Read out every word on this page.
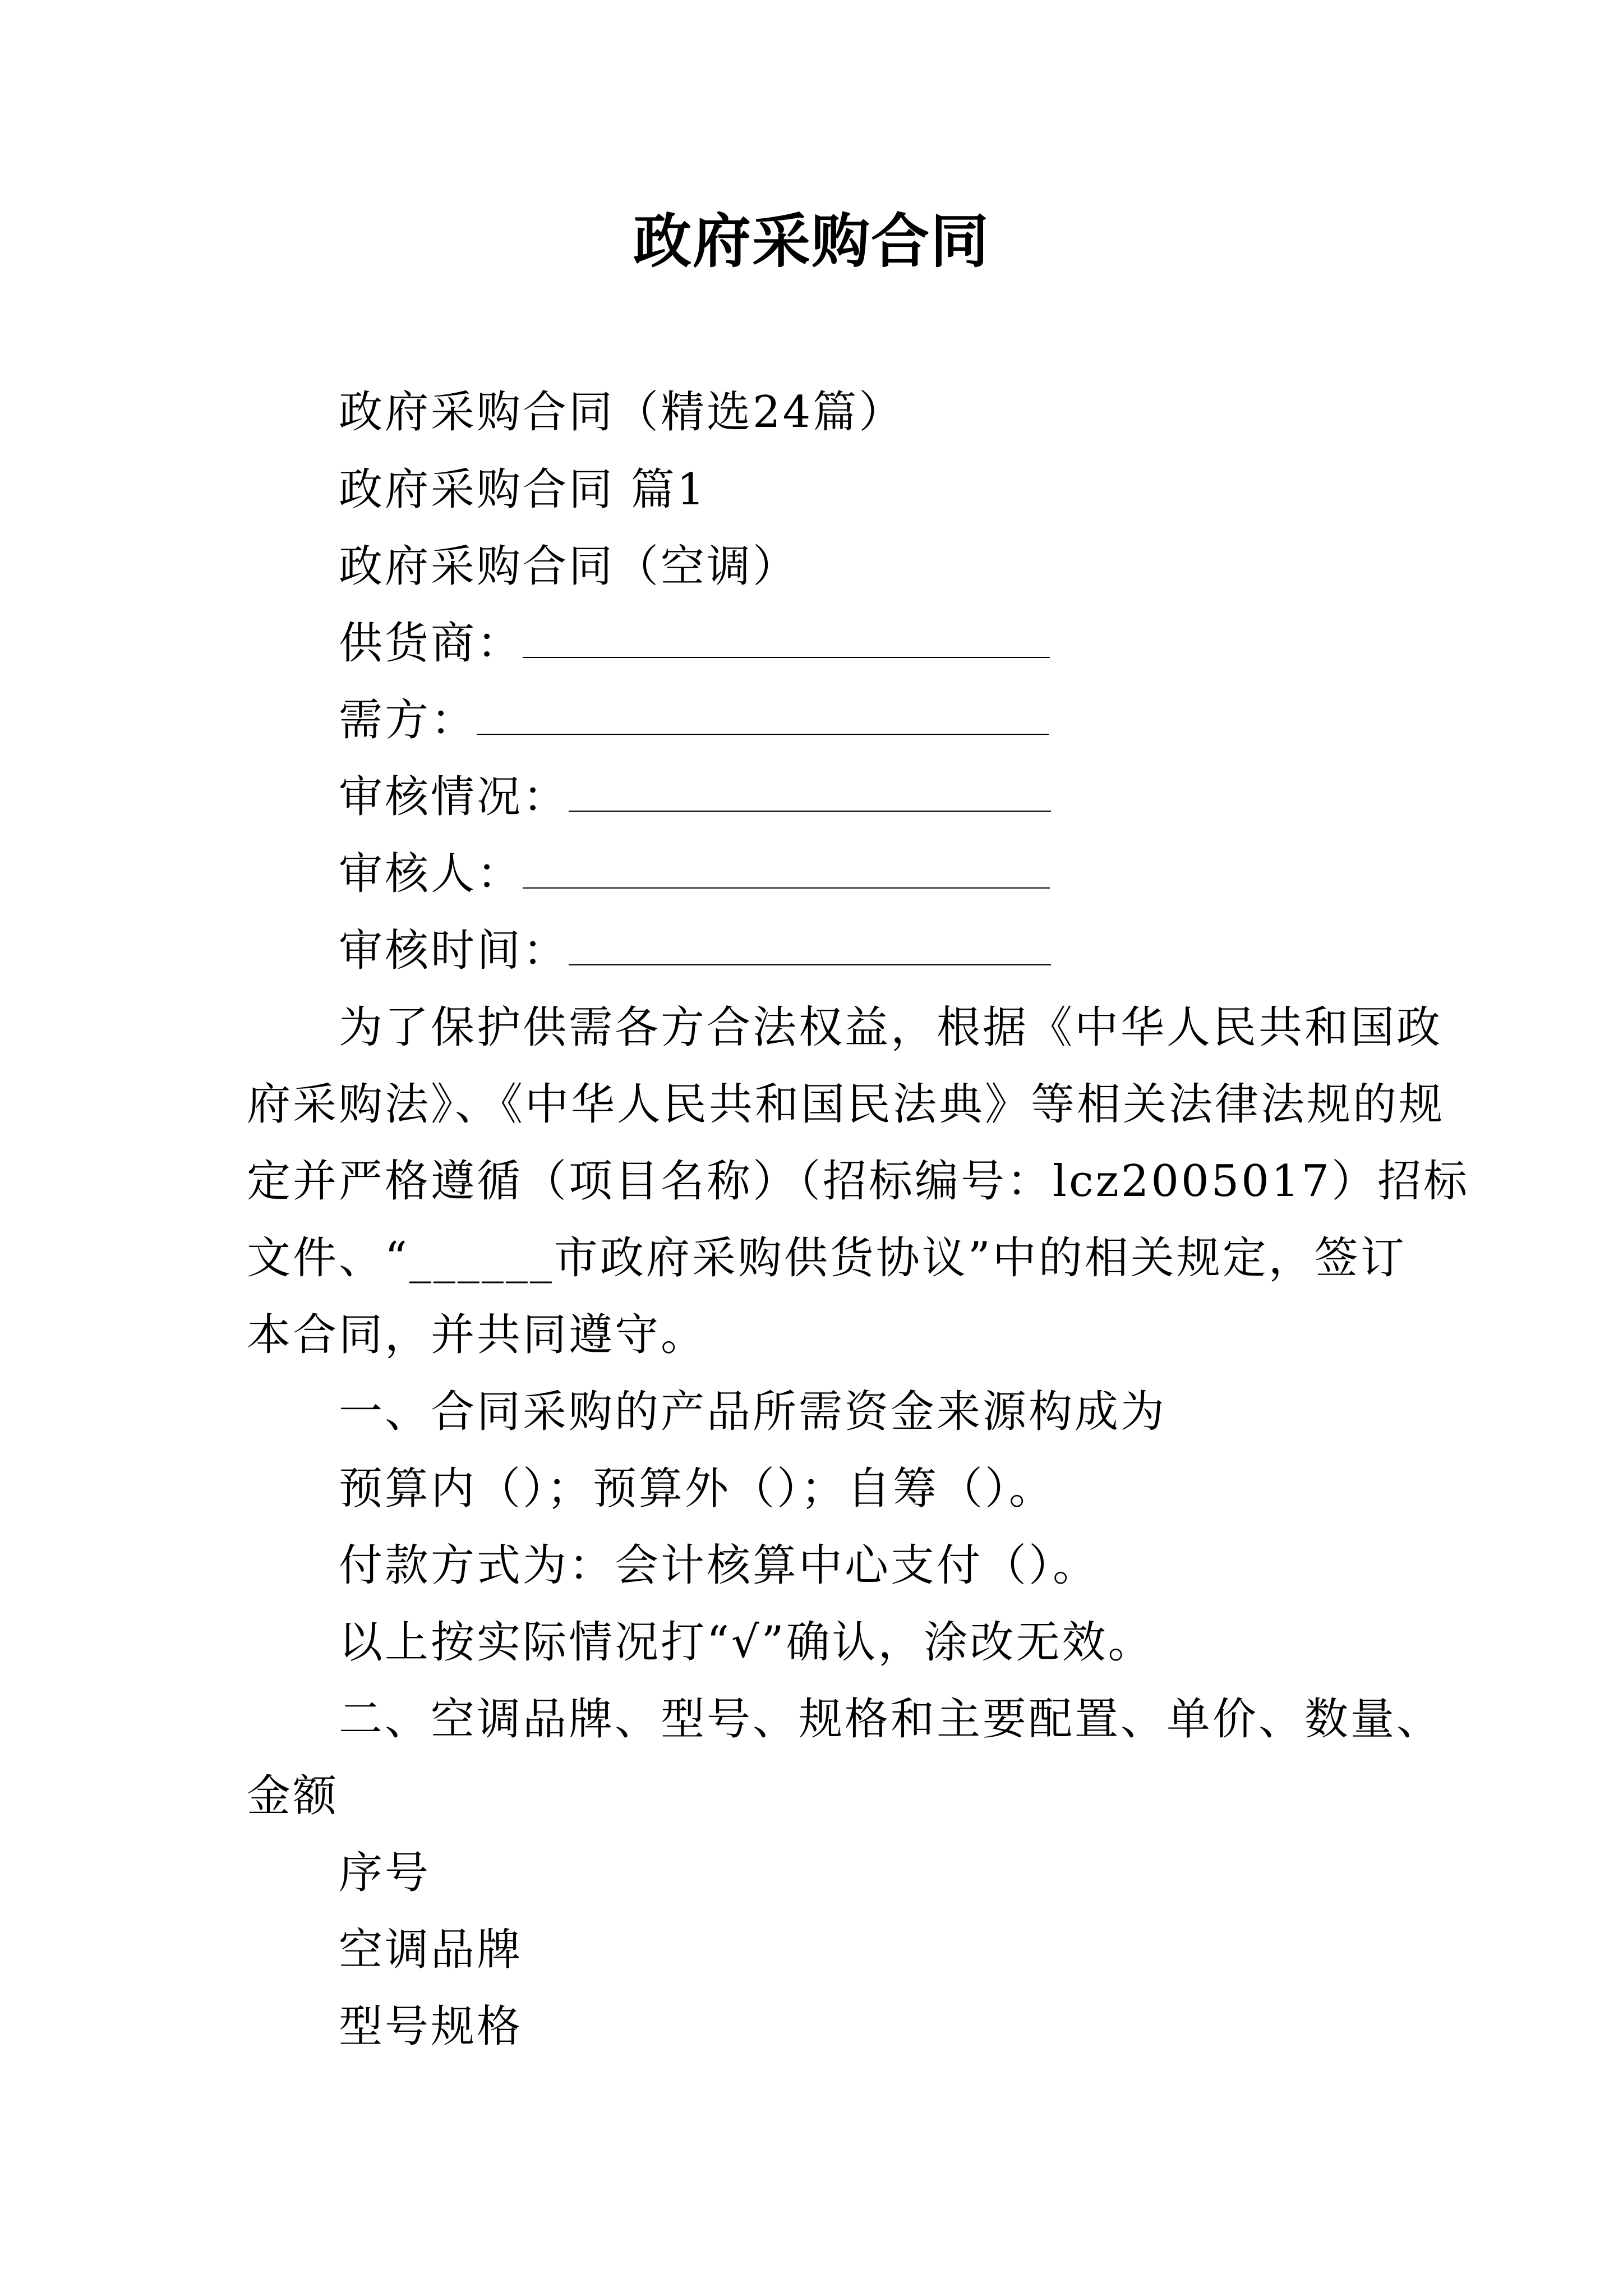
政府采购合同
政府采购合同（精选24篇）
政府采购合同 篇1
政府采购合同（空调）
供货商：
需方：
审核情况：
审核人：
审核时间：
为了保护供需各方合法权益，根据《中华人民共和国政
府采购法》、《中华人民共和国民法典》等相关法律法规的规
定并严格遵循（项目名称）（招标编号：lcz2005017）招标
文件、“______市政府采购供货协议”中的相关规定，签订
本合同，并共同遵守。
一、合同采购的产品所需资金来源构成为
预算内（）；预算外（）；自筹（）。
付款方式为：会计核算中心支付（）。
以上按实际情况打“√”确认，涂改无效。
二、空调品牌、型号、规格和主要配置、单价、数量、
金额
序号
空调品牌
型号规格
